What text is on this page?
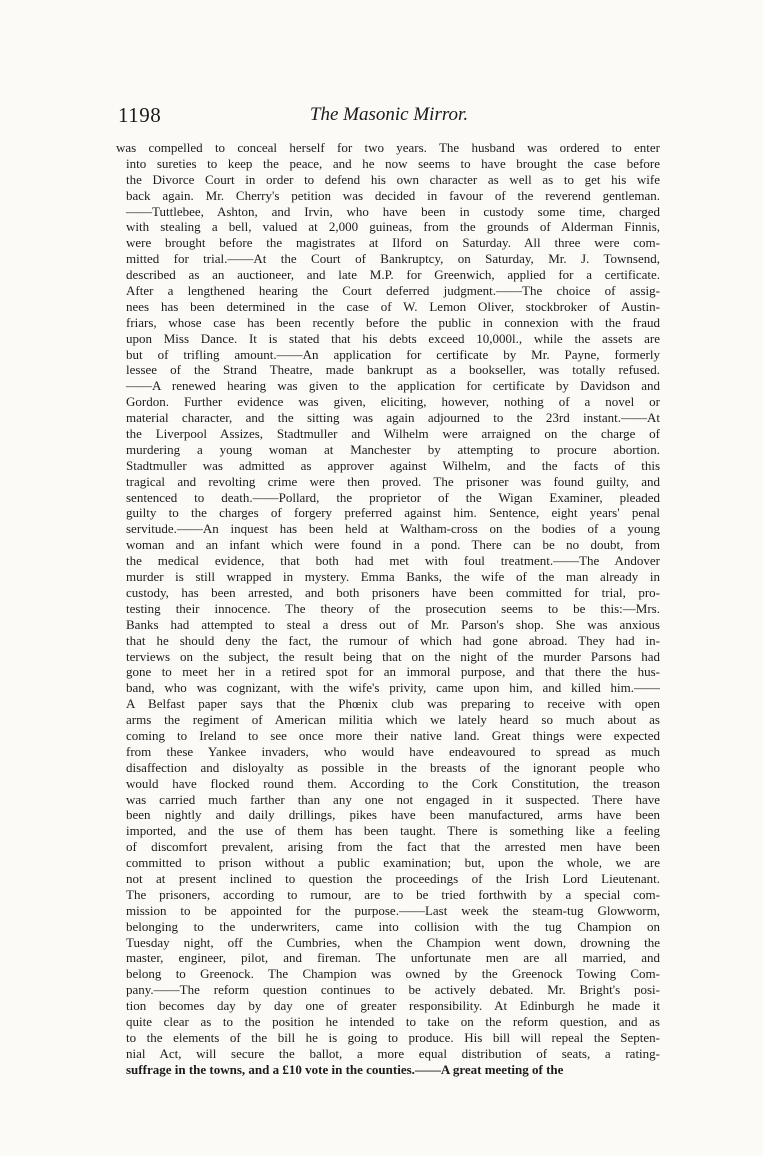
1198	The Masonic Mirror.
was compelled to conceal herself for two years. The husband was ordered to enter
into sureties to keep the peace, and he now seems to have brought the case before
the Divorce Court in order to defend his own character as well as to get his wife
back again. Mr. Cherry's petition was decided in favour of the reverend gentleman.
——Tuttlebee, Ashton, and Irvin, who have been in custody some time, charged
with stealing a bell, valued at 2,000 guineas, from the grounds of Alderman Finnis,
were brought before the magistrates at Ilford on Saturday. All three were com-
mitted for trial.——At the Court of Bankruptcy, on Saturday, Mr. J. Townsend,
described as an auctioneer, and late M.P. for Greenwich, applied for a certificate.
After a lengthened hearing the Court deferred judgment.——The choice of assig-
nees has been determined in the case of W. Lemon Oliver, stockbroker of Austin-
friars, whose case has been recently before the public in connexion with the fraud
upon Miss Dance. It is stated that his debts exceed 10,000l., while the assets are
but of trifling amount.——An application for certificate by Mr. Payne, formerly
lessee of the Strand Theatre, made bankrupt as a bookseller, was totally refused.
——A renewed hearing was given to the application for certificate by Davidson and
Gordon. Further evidence was given, eliciting, however, nothing of a novel or
material character, and the sitting was again adjourned to the 23rd instant.——At
the Liverpool Assizes, Stadtmuller and Wilhelm were arraigned on the charge of
murdering a young woman at Manchester by attempting to procure abortion.
Stadtmuller was admitted as approver against Wilhelm, and the facts of this
tragical and revolting crime were then proved. The prisoner was found guilty, and
sentenced to death.——Pollard, the proprietor of the Wigan Examiner, pleaded
guilty to the charges of forgery preferred against him. Sentence, eight years' penal
servitude.——An inquest has been held at Waltham-cross on the bodies of a young
woman and an infant which were found in a pond. There can be no doubt, from
the medical evidence, that both had met with foul treatment.——The Andover
murder is still wrapped in mystery. Emma Banks, the wife of the man already in
custody, has been arrested, and both prisoners have been committed for trial, pro-
testing their innocence. The theory of the prosecution seems to be this:—Mrs.
Banks had attempted to steal a dress out of Mr. Parson's shop. She was anxious
that he should deny the fact, the rumour of which had gone abroad. They had in-
terviews on the subject, the result being that on the night of the murder Parsons had
gone to meet her in a retired spot for an immoral purpose, and that there the hus-
band, who was cognizant, with the wife's privity, came upon him, and killed him.——
A Belfast paper says that the Phœnix club was preparing to receive with open
arms the regiment of American militia which we lately heard so much about as
coming to Ireland to see once more their native land. Great things were expected
from these Yankee invaders, who would have endeavoured to spread as much
disaffection and disloyalty as possible in the breasts of the ignorant people who
would have flocked round them. According to the Cork Constitution, the treason
was carried much farther than any one not engaged in it suspected. There have
been nightly and daily drillings, pikes have been manufactured, arms have been
imported, and the use of them has been taught. There is something like a feeling
of discomfort prevalent, arising from the fact that the arrested men have been
committed to prison without a public examination; but, upon the whole, we are
not at present inclined to question the proceedings of the Irish Lord Lieutenant.
The prisoners, according to rumour, are to be tried forthwith by a special com-
mission to be appointed for the purpose.——Last week the steam-tug Glowworm,
belonging to the underwriters, came into collision with the tug Champion on
Tuesday night, off the Cumbries, when the Champion went down, drowning the
master, engineer, pilot, and fireman. The unfortunate men are all married, and
belong to Greenock. The Champion was owned by the Greenock Towing Com-
pany.——The reform question continues to be actively debated. Mr. Bright's posi-
tion becomes day by day one of greater responsibility. At Edinburgh he made it
quite clear as to the position he intended to take on the reform question, and as
to the elements of the bill he is going to produce. His bill will repeal the Septen-
nial Act, will secure the ballot, a more equal distribution of seats, a rating-
suffrage in the towns, and a £10 vote in the counties.——A great meeting of the
